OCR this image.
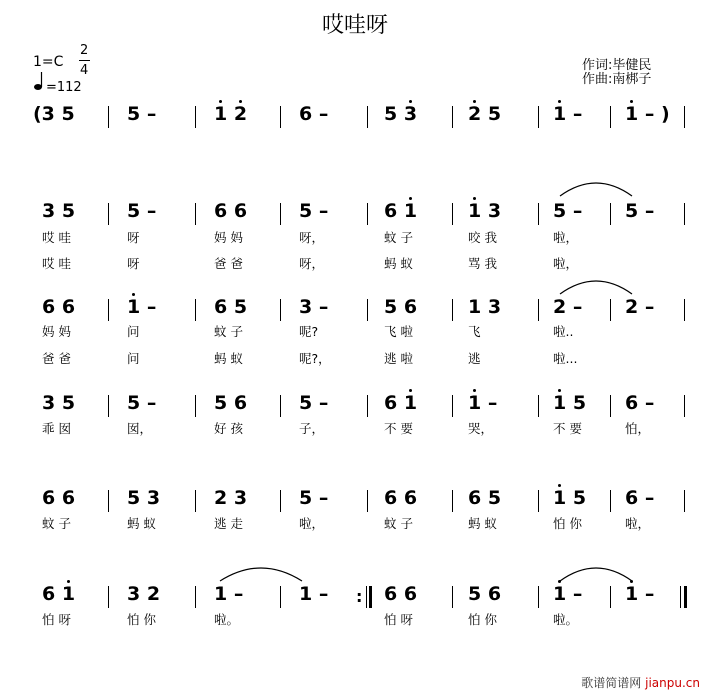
哎哇呀
1=C
2
4
=112
作词:毕健民
作曲:南梆子
(3 5	5 –	1 2	6 –	5 3	2 5	1 – 1 – )
3 5	5 –	6 6	5 –	6 1	1 3	5 – 5 –
哎 哇	呀	妈 妈	呀，	蚊 子	咬 我	啦，
哎 哇	呀	爸 爸	呀，	蚂 蚁	骂 我	啦，
6 6	1 –	6 5	3 –	5 6	1 3	2 – 2 –
妈 妈	问	蚊 子	呢?	飞 啦	飞	啦..
爸 爸	问	蚂 蚁	呢?，	逃 啦	逃	啦...
3 5	5 –	5 6	5 –	6 1	1 –	1 5 6 –
乖 囡	囡，	好 孩	子，	不 要	哭，	不 要	怕，
6 6	5 3	2 3	5 –	6 6	6 5	1 5 6 –
蚊 子	蚂 蚁	逃 走	啦，	蚊 子	蚂 蚁	怕 你	啦，
6 1	3 2	1 –	1 – : 6 6	5 6	1 – 1 –
怕 呀	怕 你	啦。	怕 呀	怕 你	啦。
歌谱简谱网 jianpu.cn
